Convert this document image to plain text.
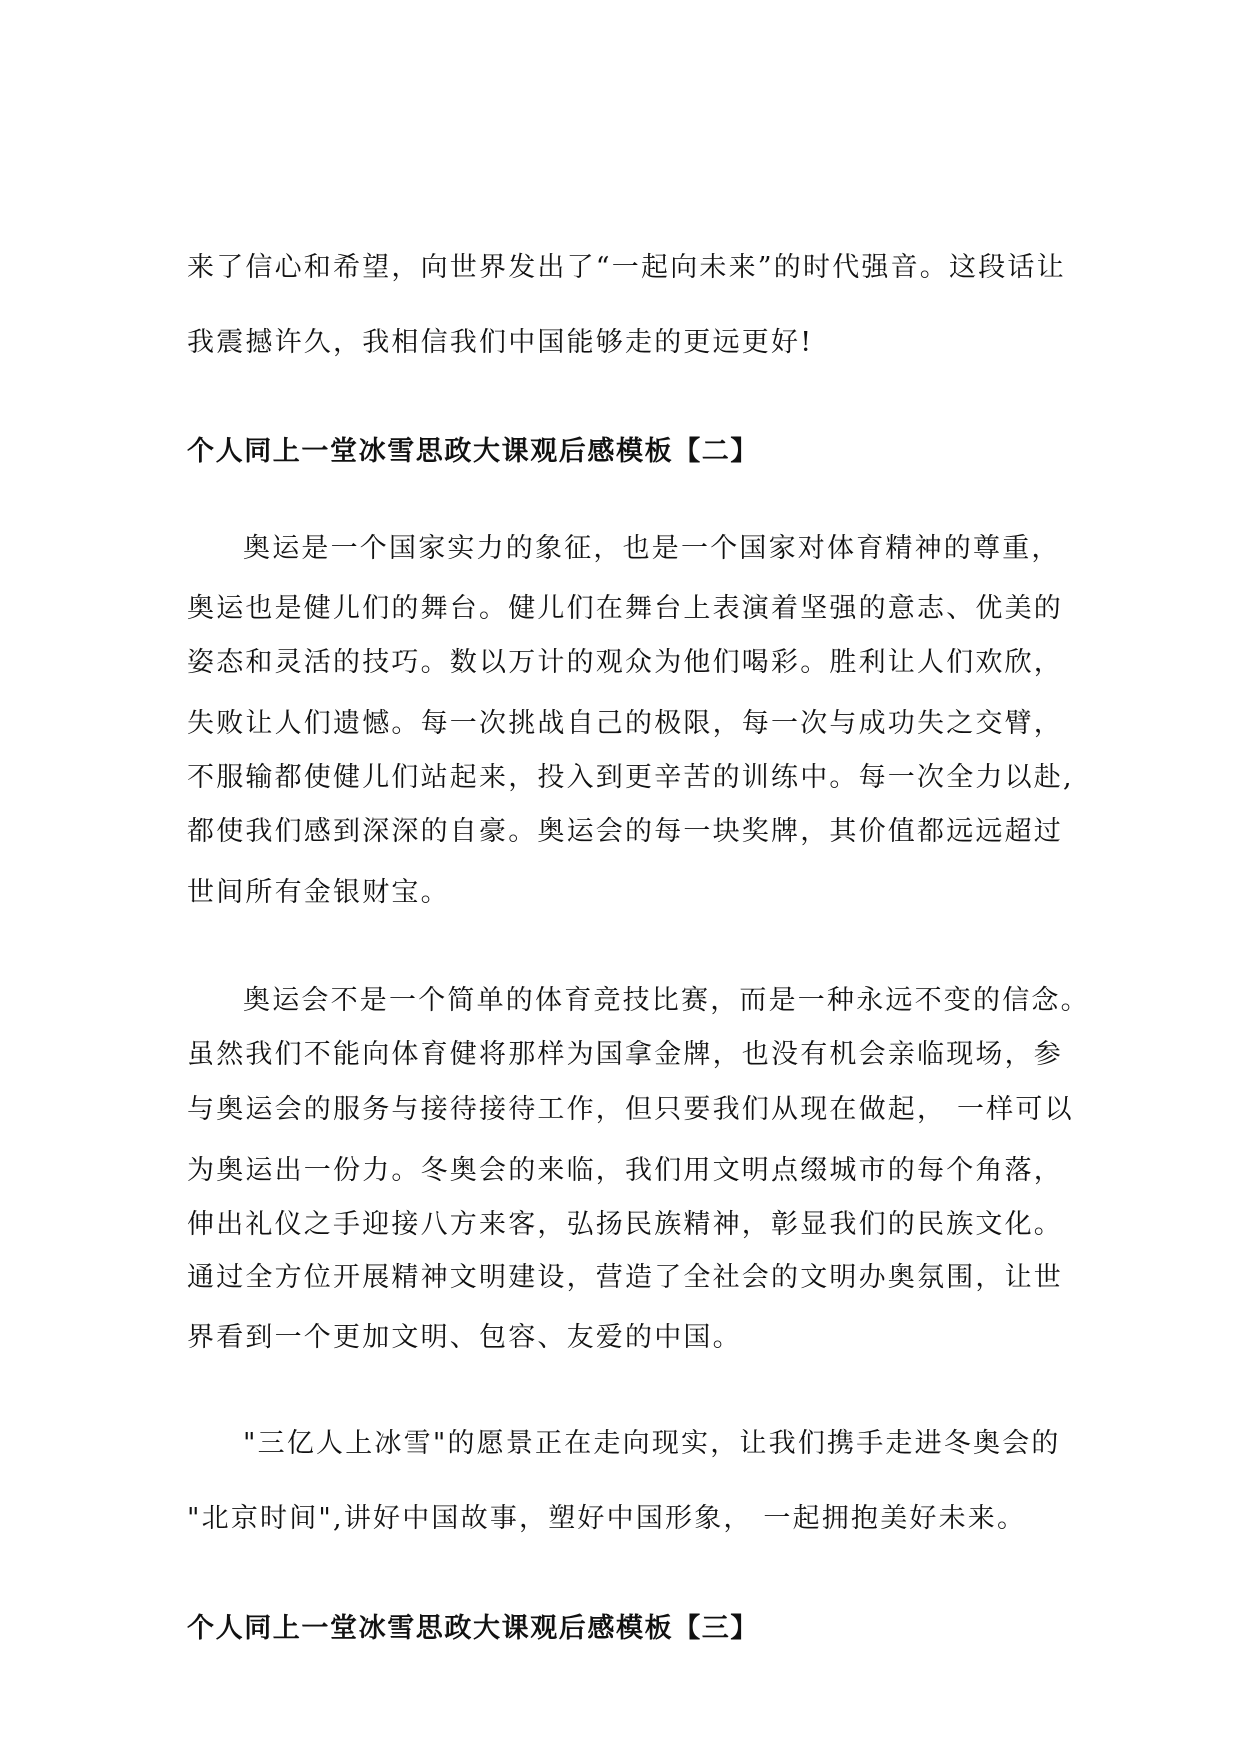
来了信心和希望，向世界发出了“一起向未来”的时代强音。这段话让
我震撼许久，我相信我们中国能够走的更远更好!
个人同上一堂冰雪思政大课观后感模板【二】
奥运是一个国家实力的象征，也是一个国家对体育精神的尊重，
奥运也是健儿们的舞台。健儿们在舞台上表演着坚强的意志、优美的
姿态和灵活的技巧。数以万计的观众为他们喝彩。胜利让人们欢欣，
失败让人们遗憾。每一次挑战自己的极限，每一次与成功失之交臂，
不服输都使健儿们站起来，投入到更辛苦的训练中。每一次全力以赴,
都使我们感到深深的自豪。奥运会的每一块奖牌，其价值都远远超过
世间所有金银财宝。
奥运会不是一个简单的体育竞技比赛，而是一种永远不变的信念。
虽然我们不能向体育健将那样为国拿金牌，也没有机会亲临现场，参
与奥运会的服务与接待接待工作，但只要我们从现在做起， 一样可以
为奥运出一份力。冬奥会的来临，我们用文明点缀城市的每个角落，
伸出礼仪之手迎接八方来客，弘扬民族精神，彰显我们的民族文化。
通过全方位开展精神文明建设，营造了全社会的文明办奥氛围，让世
界看到一个更加文明、包容、友爱的中国。
"三亿人上冰雪"的愿景正在走向现实，让我们携手走进冬奥会的
"北京时间",讲好中国故事，塑好中国形象， 一起拥抱美好未来。
个人同上一堂冰雪思政大课观后感模板【三】
